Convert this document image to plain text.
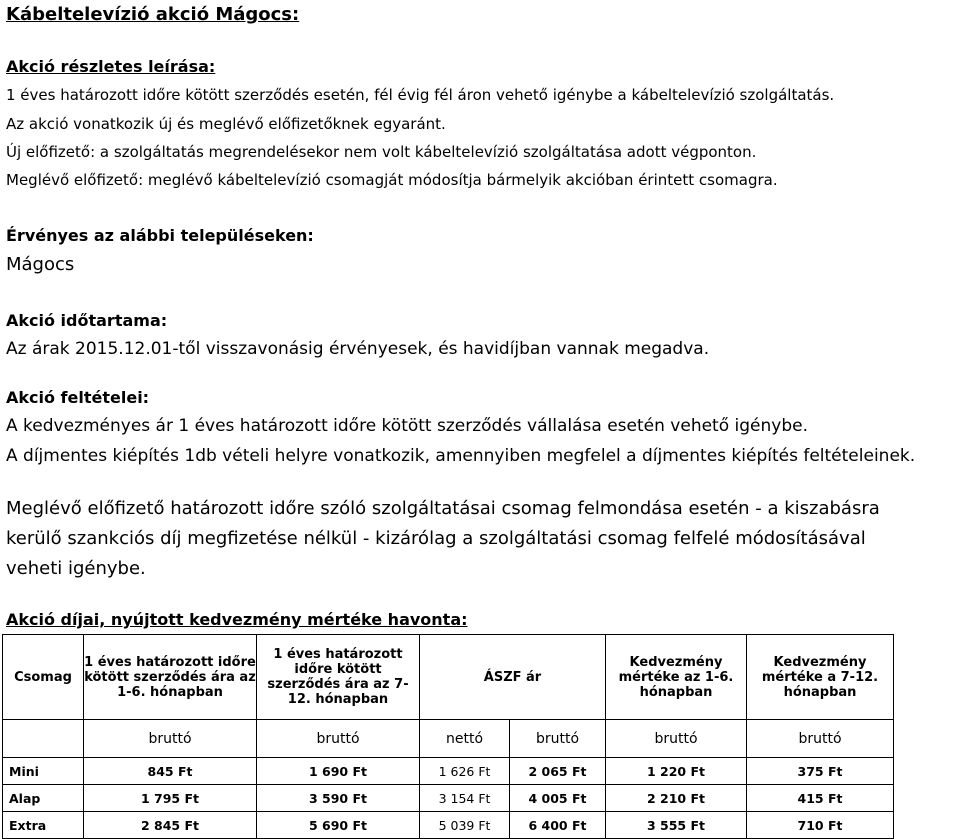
Kábeltelevízió akció Mágocs:
Akció részletes leírása:
1 éves határozott időre kötött szerződés esetén, fél évig fél áron vehető igénybe a kábeltelevízió szolgáltatás.
Az akció vonatkozik új és meglévő előfizetőknek egyaránt.
Új előfizető: a szolgáltatás megrendelésekor nem volt kábeltelevízió szolgáltatása adott végponton.
Meglévő előfizető: meglévő kábeltelevízió csomagját módosítja bármelyik akcióban érintett csomagra.
Érvényes az alábbi településeken:
Mágocs
Akció időtartama:
Az árak 2015.12.01-től visszavonásig érvényesek, és havidíjban vannak megadva.
Akció feltételei:
A kedvezményes ár 1 éves határozott időre kötött szerződés vállalása esetén vehető igénybe.
A díjmentes kiépítés 1db vételi helyre vonatkozik, amennyiben megfelel a díjmentes kiépítés feltételeinek.
Meglévő előfizető határozott időre szóló szolgáltatásai csomag felmondása esetén - a kiszabásra kerülő szankciós díj megfizetése nélkül - kizárólag a szolgáltatási csomag felfelé módosításával veheti igénybe.
Akció díjai, nyújtott kedvezmény mértéke havonta:
Csomag	1 éves határozott időre kötött szerződés ára az 1-6. hónapban	1 éves határozott időre kötött szerződés ára az 7-12. hónapban	ÁSZF ár		Kedvezmény mértéke az 1-6. hónapban	Kedvezmény mértéke a 7-12. hónapban
	bruttó	bruttó	nettó	bruttó	bruttó	bruttó
Mini	845 Ft	1 690 Ft	1 626 Ft	2 065 Ft	1 220 Ft	375 Ft
Alap	1 795 Ft	3 590 Ft	3 154 Ft	4 005 Ft	2 210 Ft	415 Ft
Extra	2 845 Ft	5 690 Ft	5 039 Ft	6 400 Ft	3 555 Ft	710 Ft
